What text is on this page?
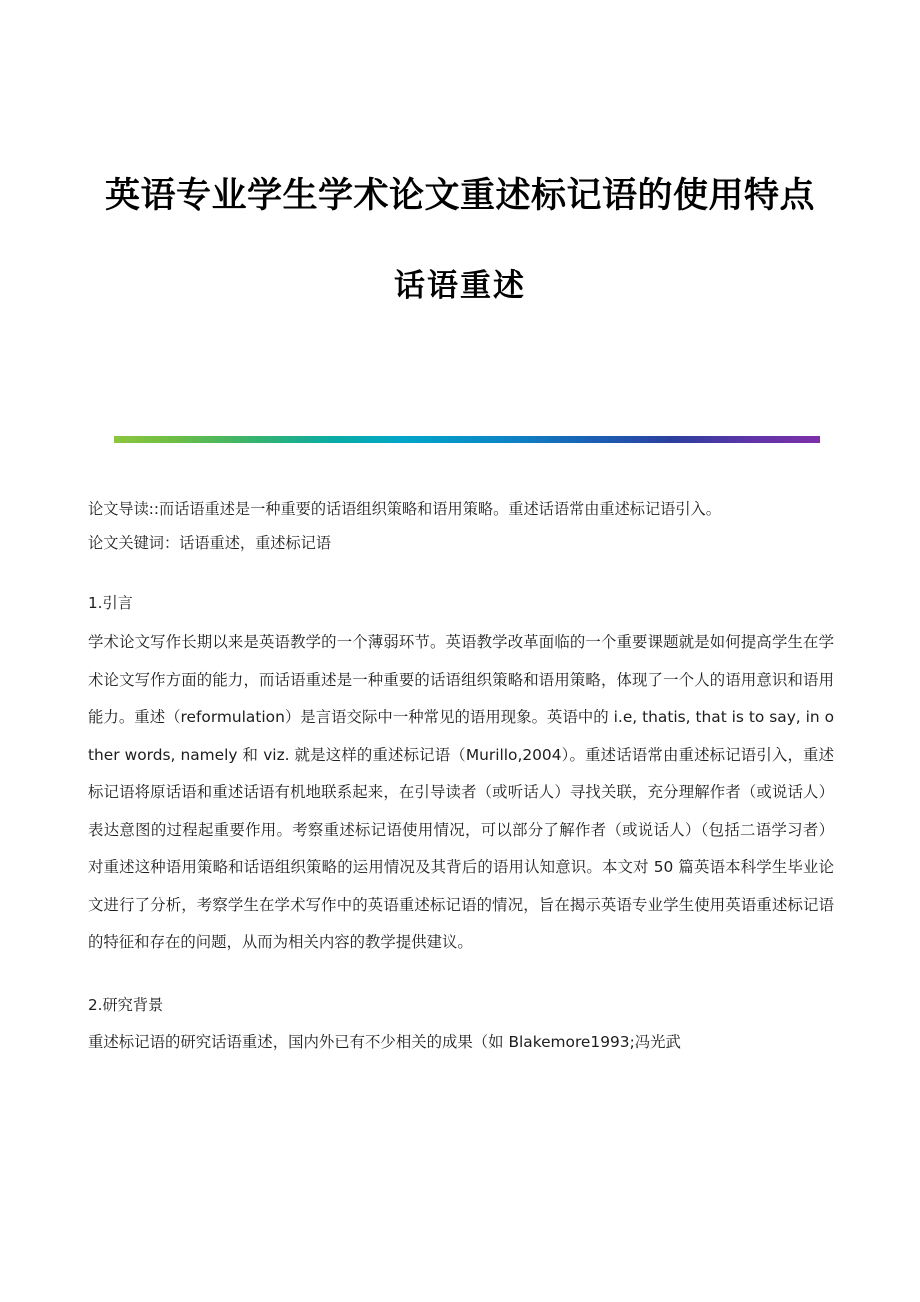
英语专业学生学术论文重述标记语的使用特点
话语重述

论文导读::而话语重述是一种重要的话语组织策略和语用策略。重述话语常由重述标记语引入。

论文关键词：话语重述，重述标记语

1.引言

学术论文写作长期以来是英语教学的一个薄弱环节。英语教学改革面临的一个重要课题就是如何提高学生在学术论文写作方面的能力，而话语重述是一种重要的话语组织策略和语用策略，体现了一个人的语用意识和语用能力。重述（reformulation）是言语交际中一种常见的语用现象。英语中的 i.e, thatis, that is to say, in other words, namely 和 viz. 就是这样的重述标记语（Murillo,2004）。重述话语常由重述标记语引入，重述标记语将原话语和重述话语有机地联系起来，在引导读者（或听话人）寻找关联，充分理解作者（或说话人）表达意图的过程起重要作用。考察重述标记语使用情况，可以部分了解作者（或说话人）（包括二语学习者）对重述这种语用策略和话语组织策略的运用情况及其背后的语用认知意识。本文对 50 篇英语本科学生毕业论文进行了分析，考察学生在学术写作中的英语重述标记语的情况，旨在揭示英语专业学生使用英语重述标记语的特征和存在的问题，从而为相关内容的教学提供建议。

2.研究背景

重述标记语的研究话语重述，国内外已有不少相关的成果（如 Blakemore1993;冯光武
